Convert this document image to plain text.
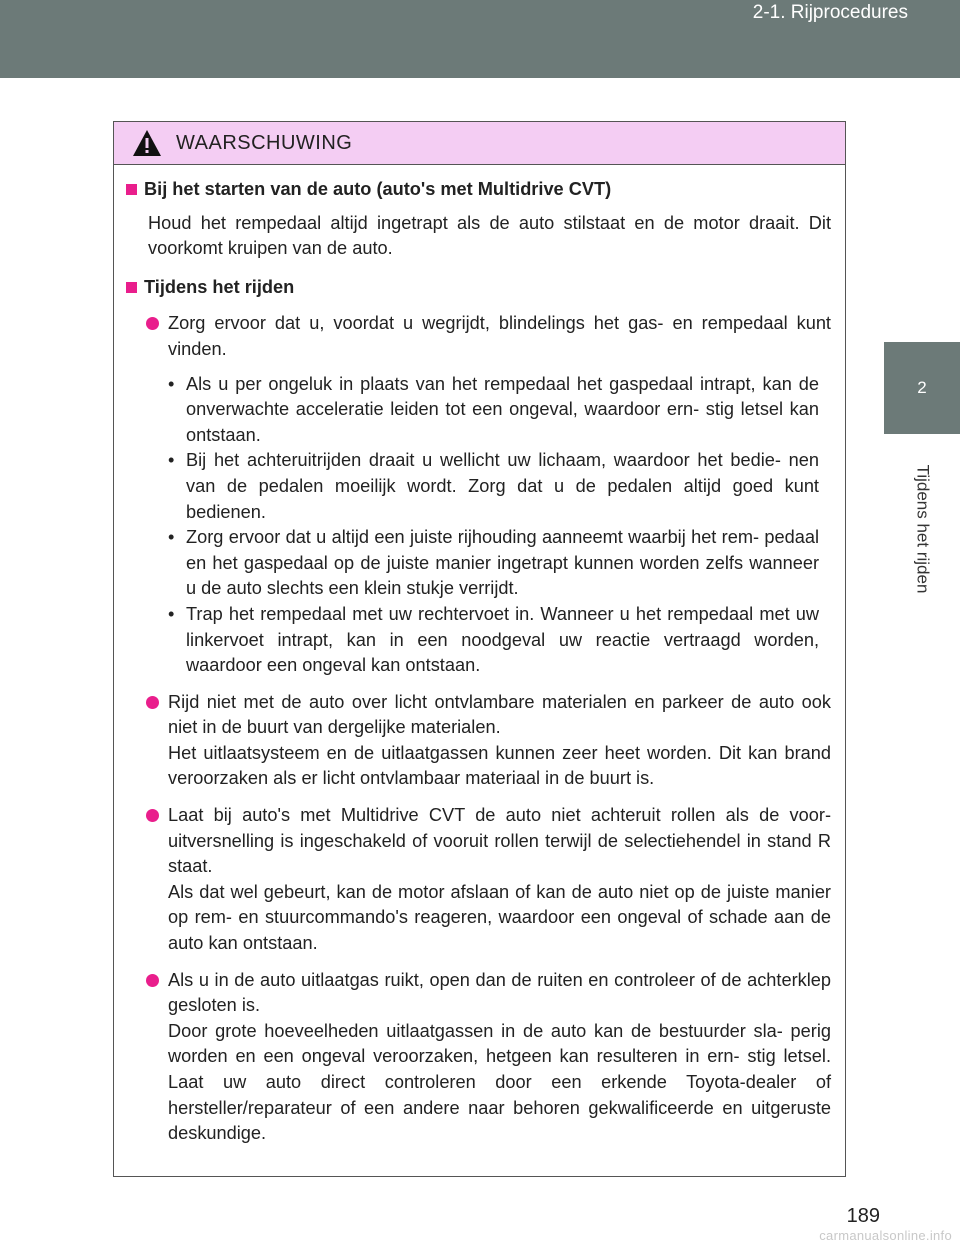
2-1. Rijprocedures
2
Tijdens het rijden
WAARSCHUWING
Bij het starten van de auto (auto's met Multidrive CVT)
Houd het rempedaal altijd ingetrapt als de auto stilstaat en de motor draait. Dit voorkomt kruipen van de auto.
Tijdens het rijden
Zorg ervoor dat u, voordat u wegrijdt, blindelings het gas- en rempedaal kunt vinden.
• Als u per ongeluk in plaats van het rempedaal het gaspedaal intrapt, kan de onverwachte acceleratie leiden tot een ongeval, waardoor ern- stig letsel kan ontstaan.
• Bij het achteruitrijden draait u wellicht uw lichaam, waardoor het bedie- nen van de pedalen moeilijk wordt. Zorg dat u de pedalen altijd goed kunt bedienen.
• Zorg ervoor dat u altijd een juiste rijhouding aanneemt waarbij het rem- pedaal en het gaspedaal op de juiste manier ingetrapt kunnen worden zelfs wanneer u de auto slechts een klein stukje verrijdt.
• Trap het rempedaal met uw rechtervoet in. Wanneer u het rempedaal met uw linkervoet intrapt, kan in een noodgeval uw reactie vertraagd worden, waardoor een ongeval kan ontstaan.
Rijd niet met de auto over licht ontvlambare materialen en parkeer de auto ook niet in de buurt van dergelijke materialen.
Het uitlaatsysteem en de uitlaatgassen kunnen zeer heet worden. Dit kan brand veroorzaken als er licht ontvlambaar materiaal in de buurt is.
Laat bij auto's met Multidrive CVT de auto niet achteruit rollen als de voor- uitversnelling is ingeschakeld of vooruit rollen terwijl de selectiehendel in stand R staat.
Als dat wel gebeurt, kan de motor afslaan of kan de auto niet op de juiste manier op rem- en stuurcommando's reageren, waardoor een ongeval of schade aan de auto kan ontstaan.
Als u in de auto uitlaatgas ruikt, open dan de ruiten en controleer of de achterklep gesloten is.
Door grote hoeveelheden uitlaatgassen in de auto kan de bestuurder sla- perig worden en een ongeval veroorzaken, hetgeen kan resulteren in ern- stig letsel. Laat uw auto direct controleren door een erkende Toyota-dealer of hersteller/reparateur of een andere naar behoren gekwalificeerde en uitgeruste deskundige.
189
carmanualsonline.info
